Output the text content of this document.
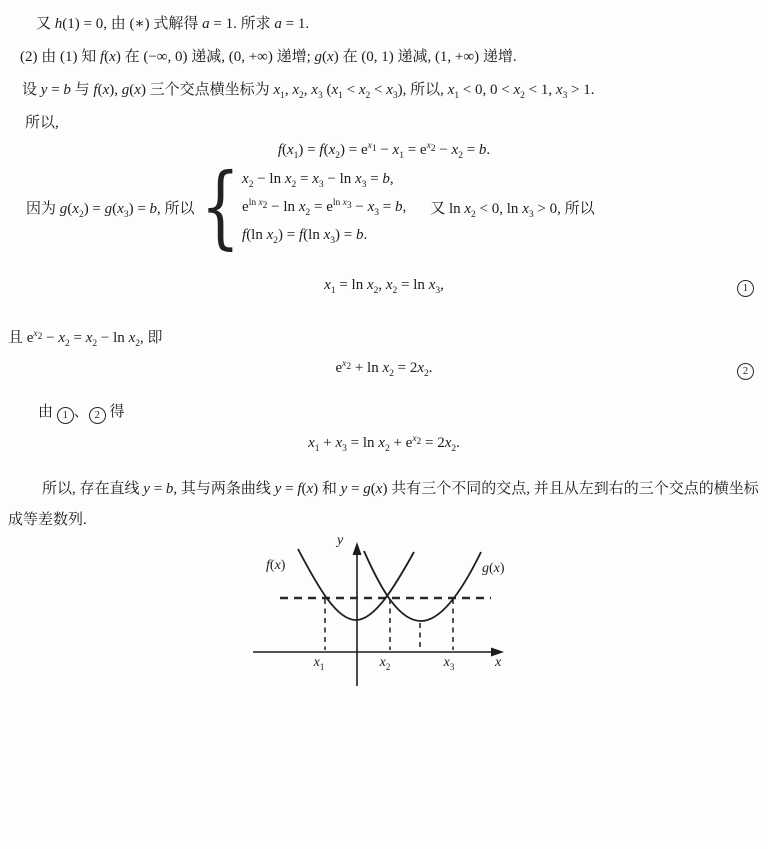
又 h(1) = 0, 由 (∗) 式解得 a = 1. 所求 a = 1.
(2) 由 (1) 知 f(x) 在 (−∞, 0) 递减, (0, +∞) 递增; g(x) 在 (0, 1) 递减, (1, +∞) 递增.
设 y = b 与 f(x), g(x) 三个交点横坐标为 $x_1$, $x_2$, $x_3$ $(x_1 < x_2 < x_3)$, 所以, $x_1 < 0$, $0 < x_2 < 1$, $x_3 > 1$.
所以,
$f(x_1) = f(x_2) = e^{x_1} - x_1 = e^{x_2} - x_2 = b$.
因为 $g(x_2) = g(x_3) = b$, 所以 { $x_2 - \ln x_2 = x_3 - \ln x_3 = b$,
$e^{ln x_2} - \ln x_2 = e^{ln x_3} - x_3 = b$,
f(ln $x_2) = f(\ln$ $x_3) = b$.
又 $\ln x_2 < 0$, $\ln x_3 > 0$, 所以
$x_1 = \ln x_2$, $x_2 = \ln x_3$,	1
且 $e^{x_2} - x_2 = x_2 - \ln x_2$, 即
$e^{x_2} + \ln x_2 = 2x_2$.	2
由 1 、 2 得
$x_1 + x_3 = \ln x_2 + e^{x_2} = 2x_2$.
所以, 存在直线 y = b, 其与两条曲线 y = f(x) 和 y = g(x) 共有三个不同的交点, 并且从左到右的三个交点的横坐标成等差数列.
f(x)	g(x)
y
x
$x_1$	$x_2$	$x_3$
